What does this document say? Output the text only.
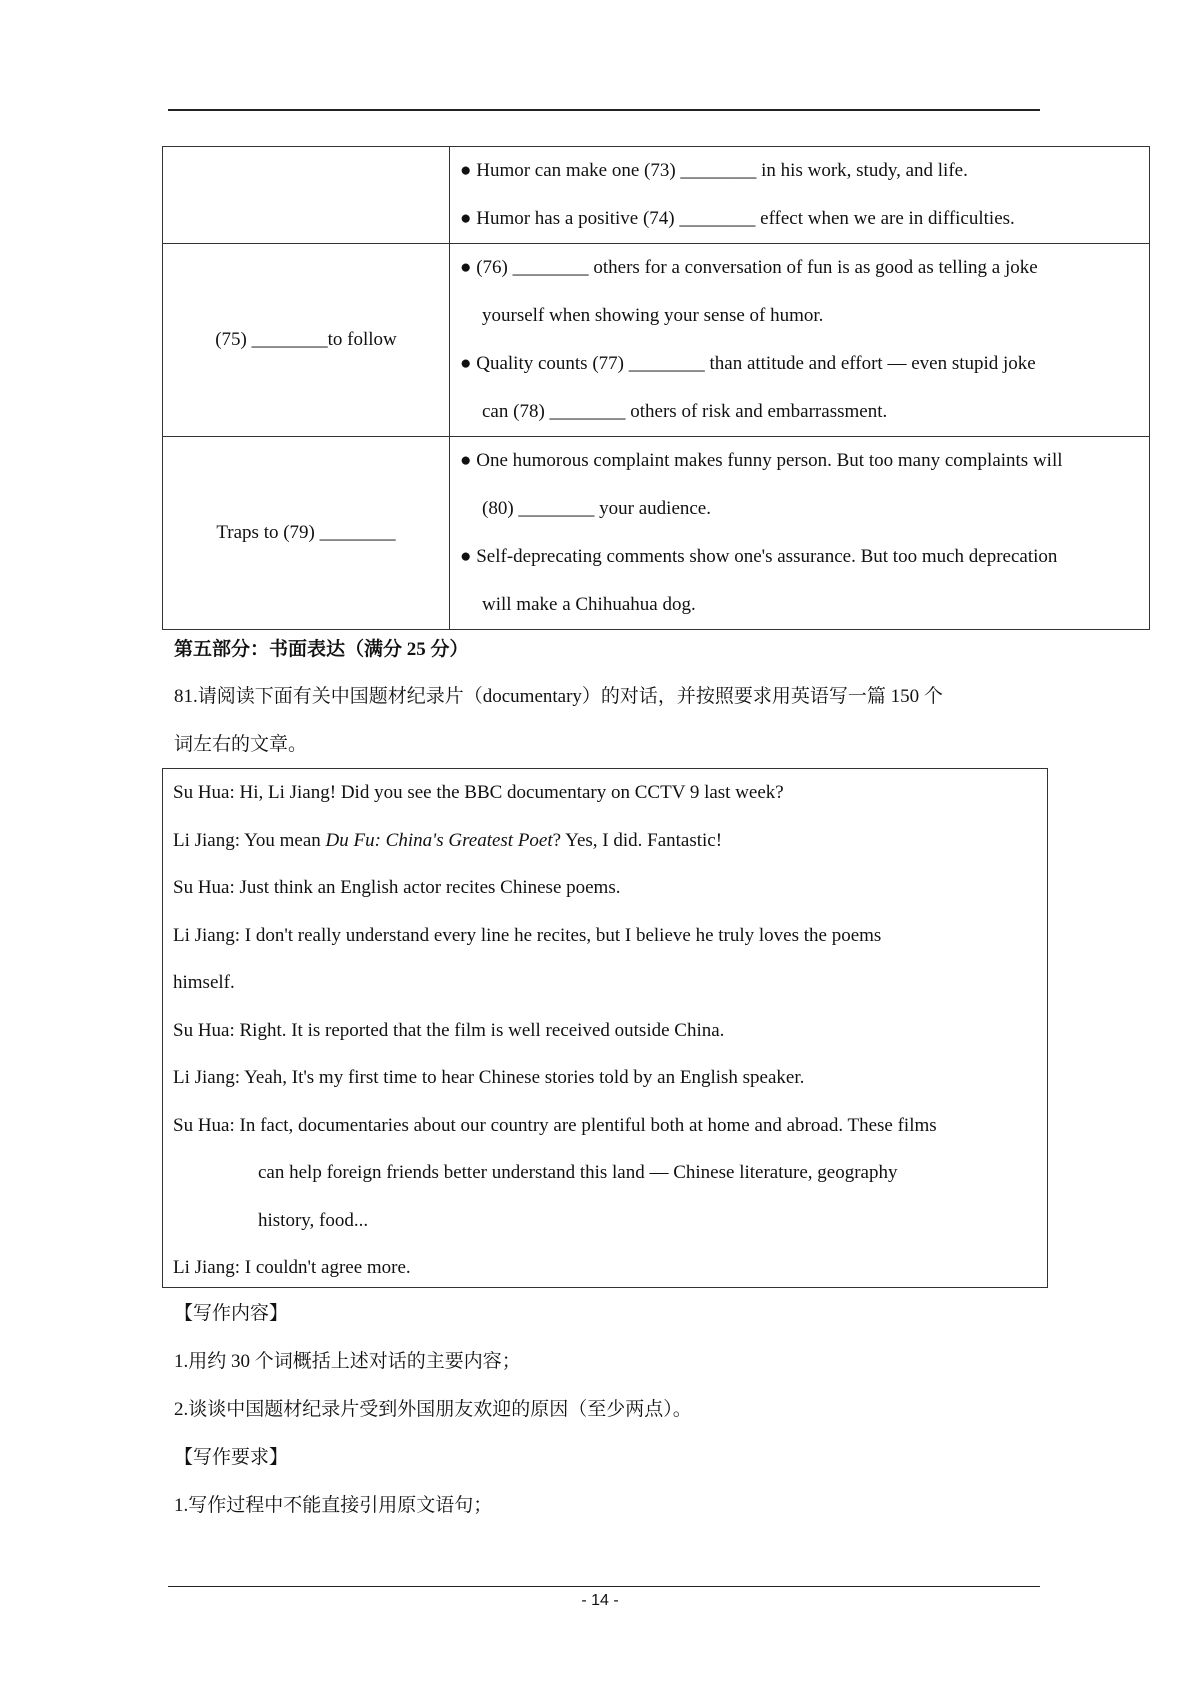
	● Humor can make one (73) ________ in his work, study, and life.

● Humor has a positive (74) ________ effect when we are in difficulties.

(75) ________to follow	● (76) ________ others for a conversation of fun is as good as telling a joke

yourself when showing your sense of humor.

● Quality counts (77) ________ than attitude and effort — even stupid joke

can (78) ________ others of risk and embarrassment.

Traps to (79) ________	● One humorous complaint makes funny person. But too many complaints will

(80) ________ your audience.

● Self-deprecating comments show one's assurance. But too much deprecation

will make a Chihuahua dog.

第五部分：书面表达（满分 25 分）

81.请阅读下面有关中国题材纪录片（documentary）的对话，并按照要求用英语写一篇 150 个

词左右的文章。

Su Hua: Hi, Li Jiang! Did you see the BBC documentary on CCTV 9 last week?

Li Jiang: You mean Du Fu: China's Greatest Poet? Yes, I did. Fantastic!

Su Hua: Just think an English actor recites Chinese poems.

Li Jiang: I don't really understand every line he recites, but I believe he truly loves the poems

himself.

Su Hua: Right. It is reported that the film is well received outside China.

Li Jiang: Yeah, It's my first time to hear Chinese stories told by an English speaker.

Su Hua: In fact, documentaries about our country are plentiful both at home and abroad. These films

can help foreign friends better understand this land — Chinese literature, geography

history, food...

Li Jiang: I couldn't agree more.

【写作内容】

1.用约 30 个词概括上述对话的主要内容；

2.谈谈中国题材纪录片受到外国朋友欢迎的原因（至少两点）。

【写作要求】

1.写作过程中不能直接引用原文语句；

- 14 -
